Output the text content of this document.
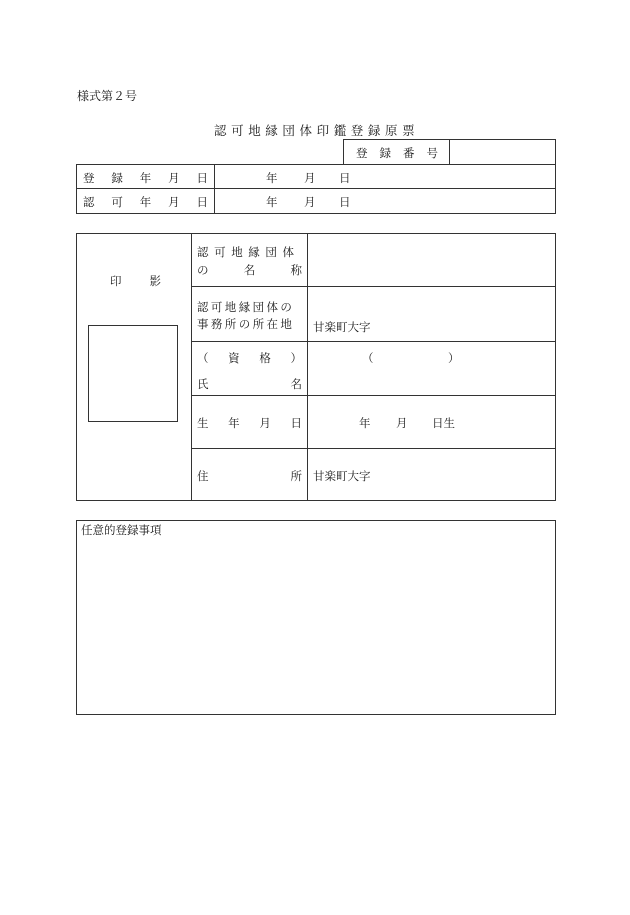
様式第２号
認可地縁団体印鑑登録原票
登録番号
登 録 年 月 日	年 月 日
認 可 年 月 日	年 月 日
印影
認可地縁団体
の	名	称
認可地縁団体の
事務所の所在地 甘楽町大字
（ 資 格 ）	（	）
氏	名
生 年 月 日	年 月 日生
住	所 甘楽町大字
任意的登録事項
